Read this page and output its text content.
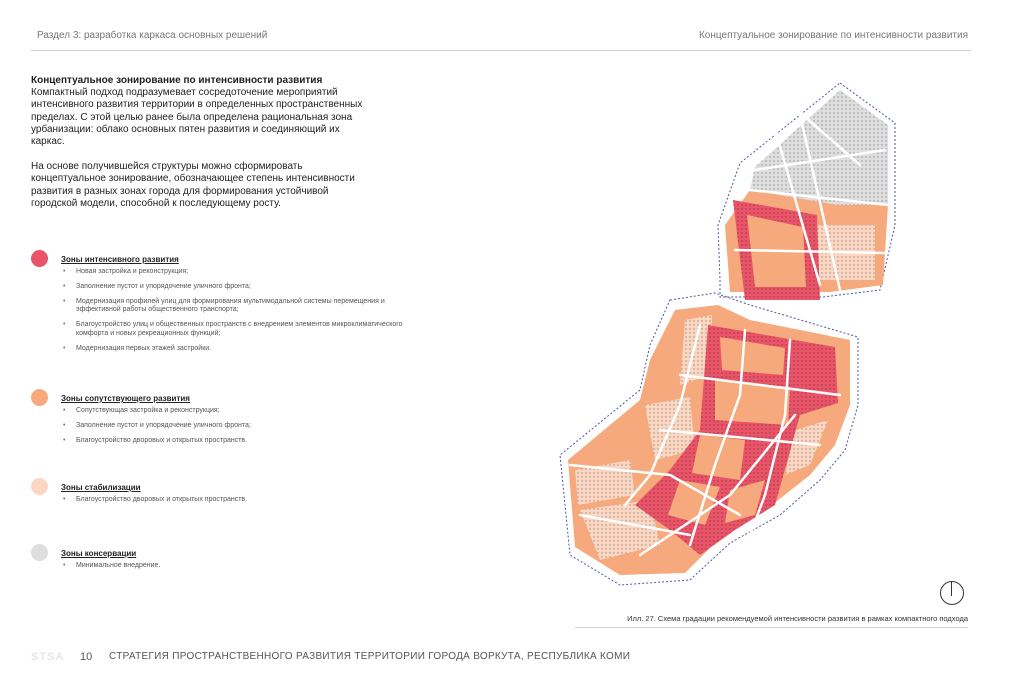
Раздел 3: разработка каркаса основных решений	Концептуальное зонирование по интенсивности развития
Концептуальное зонирование по интенсивности развития

Компактный подход подразумевает сосредоточение мероприятий интенсивного развития территории в определенных пространственных пределах. С этой целью ранее была определена рациональная зона урбанизации: облако основных пятен развития и соединяющий их каркас.

На основе получившейся структуры можно сформировать концептуальное зонирование, обозначающее степень интенсивности развития в разных зонах города для формирования устойчивой городской модели, способной к последующему росту.

Зоны интенсивного развития
• Новая застройка и реконструкция;
• Заполнение пустот и упорядочение уличного фронта;
• Модернизация профилей улиц для формирования мультимодальной системы перемещения и эффективной работы общественного транспорта;
• Благоустройство улиц и общественных пространств с внедрением элементов микроклиматического комфорта и новых рекреационных функций;
• Модернизация первых этажей застройки.
Зоны сопутствующего развития
• Сопутствующая застройка и реконструкция;
• Заполнение пустот и упорядочение уличного фронта;
• Благоустройство дворовых и открытых пространств.
Зоны стабилизации
• Благоустройство дворовых и открытых пространств.
Зоны консервации
• Минимальное внедрение.
Илл. 27. Схема градации рекомендуемой интенсивности развития в рамках компактного подхода
STSA 10 СТРАТЕГИЯ ПРОСТРАНСТВЕННОГО РАЗВИТИЯ ТЕРРИТОРИИ ГОРОДА ВОРКУТА, РЕСПУБЛИКА КОМИ
